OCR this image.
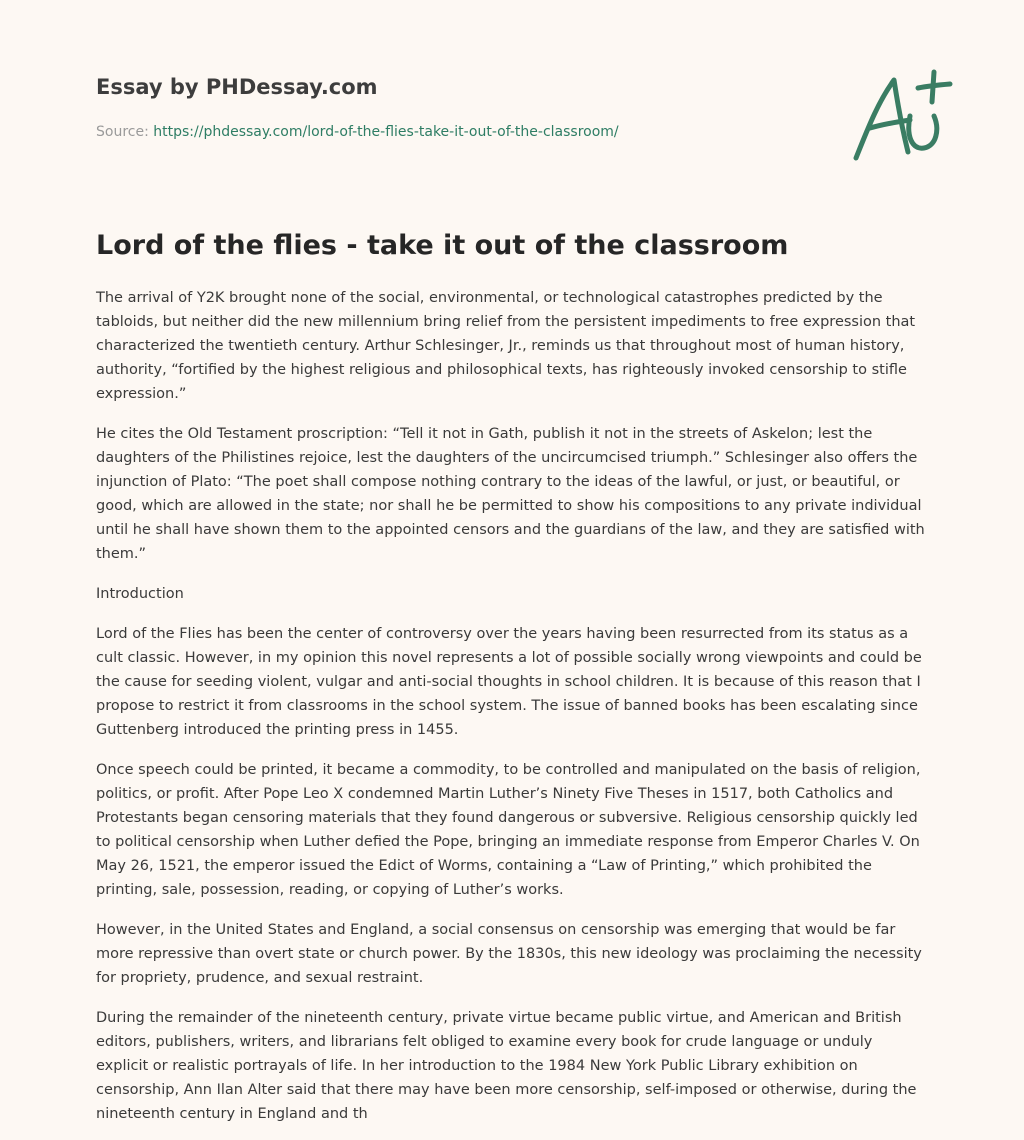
Essay by PHDessay.com
Source: https://phdessay.com/lord-of-the-flies-take-it-out-of-the-classroom/
Lord of the flies - take it out of the classroom

The arrival of Y2K brought none of the social, environmental, or technological catastrophes predicted by the tabloids, but neither did the new millennium bring relief from the persistent impediments to free expression that characterized the twentieth century. Arthur Schlesinger, Jr., reminds us that throughout most of human history, authority, “fortified by the highest religious and philosophical texts, has righteously invoked censorship to stifle expression.”

He cites the Old Testament proscription: “Tell it not in Gath, publish it not in the streets of Askelon; lest the daughters of the Philistines rejoice, lest the daughters of the uncircumcised triumph.” Schlesinger also offers the injunction of Plato: “The poet shall compose nothing contrary to the ideas of the lawful, or just, or beautiful, or good, which are allowed in the state; nor shall he be permitted to show his compositions to any private individual until he shall have shown them to the appointed censors and the guardians of the law, and they are satisfied with them.”

Introduction

Lord of the Flies has been the center of controversy over the years having been resurrected from its status as a cult classic. However, in my opinion this novel represents a lot of possible socially wrong viewpoints and could be the cause for seeding violent, vulgar and anti-social thoughts in school children. It is because of this reason that I propose to restrict it from classrooms in the school system. The issue of banned books has been escalating since Guttenberg introduced the printing press in 1455.

Once speech could be printed, it became a commodity, to be controlled and manipulated on the basis of religion, politics, or profit. After Pope Leo X condemned Martin Luther’s Ninety Five Theses in 1517, both Catholics and Protestants began censoring materials that they found dangerous or subversive. Religious censorship quickly led to political censorship when Luther defied the Pope, bringing an immediate response from Emperor Charles V. On May 26, 1521, the emperor issued the Edict of Worms, containing a “Law of Printing,” which prohibited the printing, sale, possession, reading, or copying of Luther’s works.

However, in the United States and England, a social consensus on censorship was emerging that would be far more repressive than overt state or church power. By the 1830s, this new ideology was proclaiming the necessity for propriety, prudence, and sexual restraint.

During the remainder of the nineteenth century, private virtue became public virtue, and American and British editors, publishers, writers, and librarians felt obliged to examine every book for crude language or unduly explicit or realistic portrayals of life. In her introduction to the 1984 New York Public Library exhibition on censorship, Ann Ilan Alter said that there may have been more censorship, self-imposed or otherwise, during the nineteenth century in England and th
